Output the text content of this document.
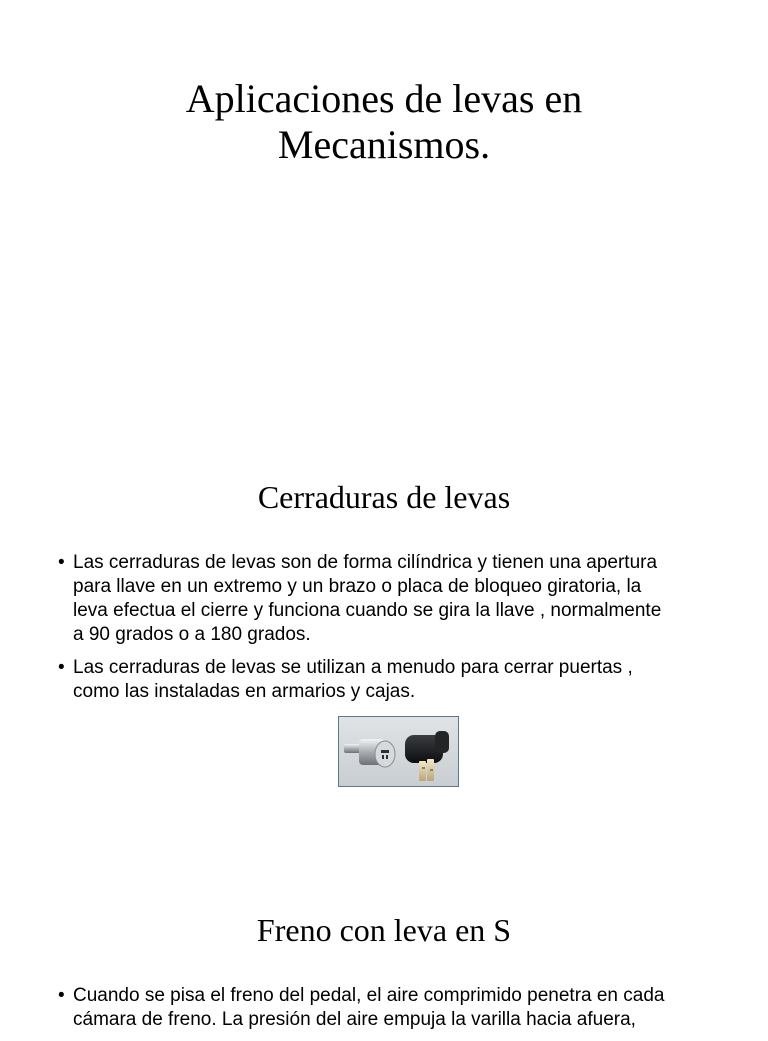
Aplicaciones de levas en
Mecanismos.
Cerraduras de levas
• Las cerraduras de levas son de forma cilíndrica y tienen una apertura
para llave en un extremo y un brazo o placa de bloqueo giratoria, la
leva efectua el cierre y funciona cuando se gira la llave , normalmente
a 90 grados o a 180 grados.
• Las cerraduras de levas se utilizan a menudo para cerrar puertas ,
como las instaladas en armarios y cajas.
Freno con leva en S
• Cuando se pisa el freno del pedal, el aire comprimido penetra en cada
cámara de freno. La presión del aire empuja la varilla hacia afuera,
